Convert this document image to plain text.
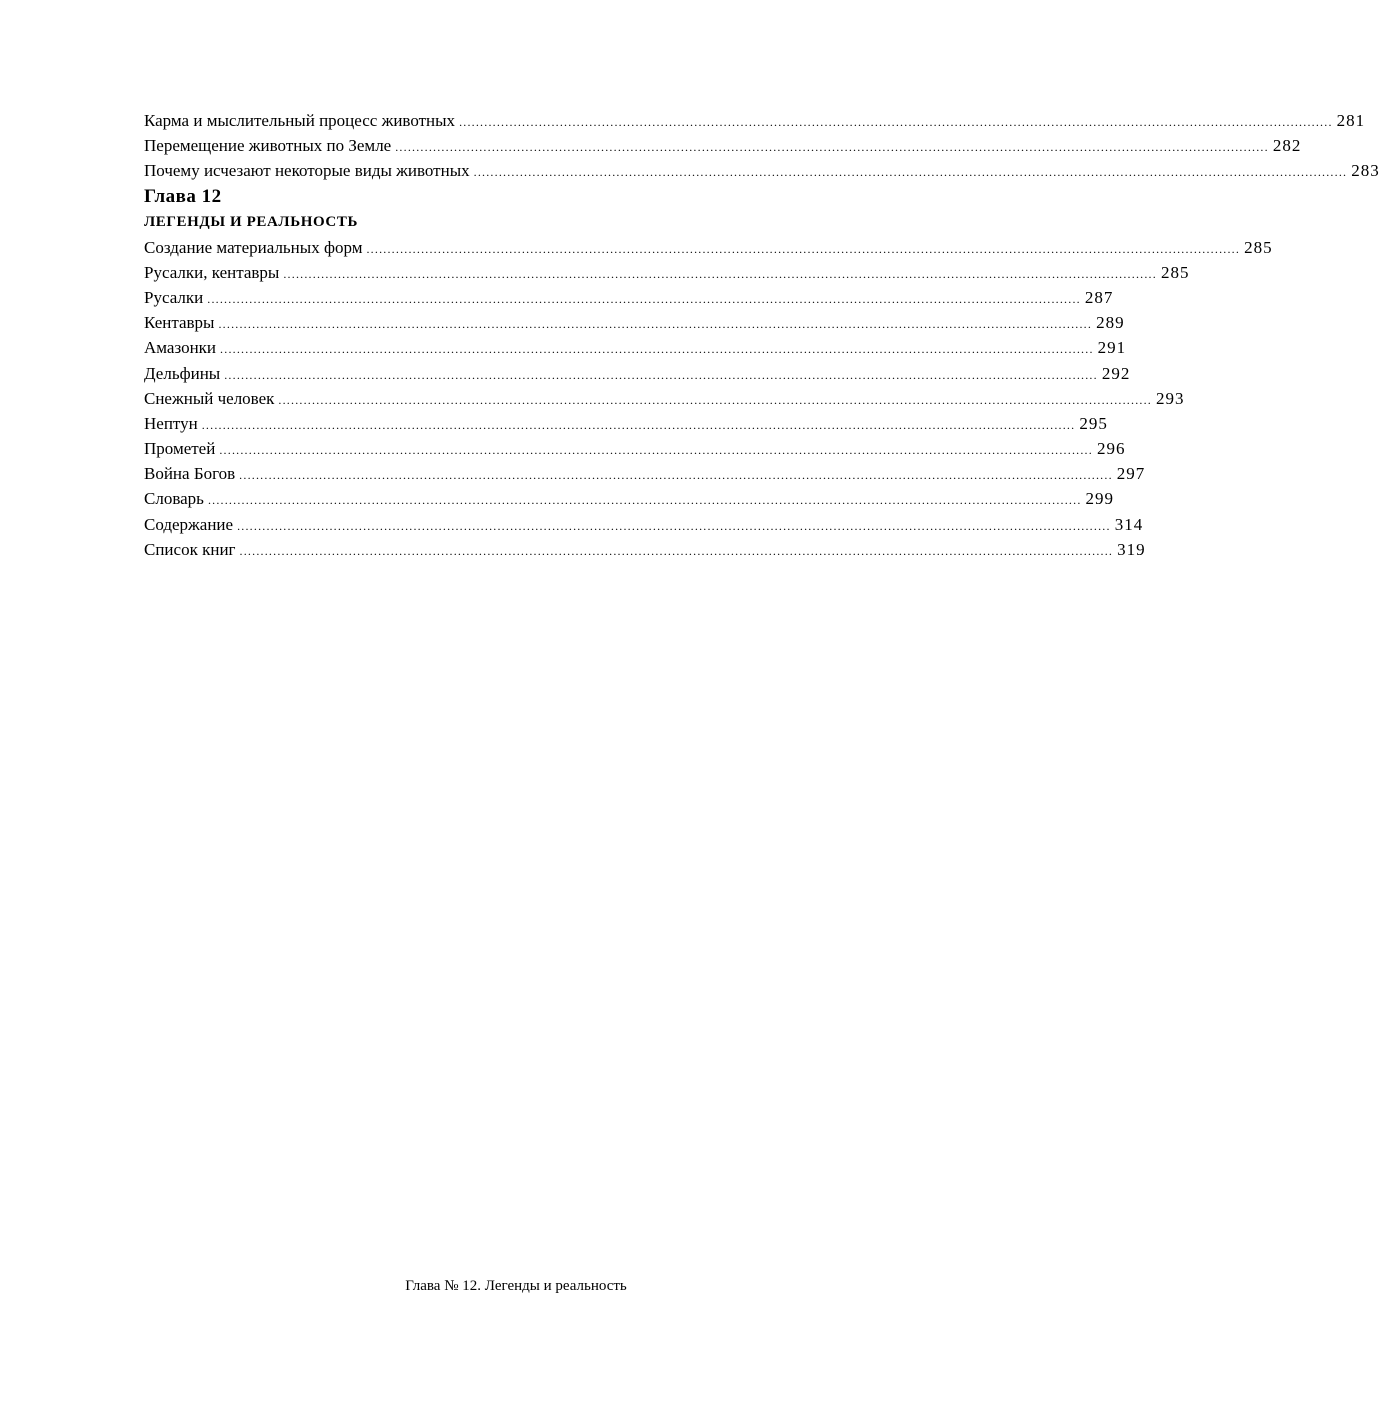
Карма и мыслительный процесс животных ................................................................................................................................................................................................................ 281
Перемещение животных по Земле ................................................................................................................................................................................................................ 282
Почему исчезают некоторые виды животных ................................................................................................................................................................................................................ 283
Глава 12
ЛЕГЕНДЫ И РЕАЛЬНОСТЬ
Создание материальных форм ................................................................................................................................................................................................................ 285
Русалки, кентавры ................................................................................................................................................................................................................ 285
Русалки ................................................................................................................................................................................................................ 287
Кентавры ................................................................................................................................................................................................................ 289
Амазонки ................................................................................................................................................................................................................ 291
Дельфины ................................................................................................................................................................................................................ 292
Снежный человек ................................................................................................................................................................................................................ 293
Нептун ................................................................................................................................................................................................................ 295
Прометей ................................................................................................................................................................................................................ 296
Война Богов ................................................................................................................................................................................................................ 297
Словарь ................................................................................................................................................................................................................ 299
Содержание ................................................................................................................................................................................................................ 314
Список книг ................................................................................................................................................................................................................ 319
Глава № 12. Легенды и реальность
